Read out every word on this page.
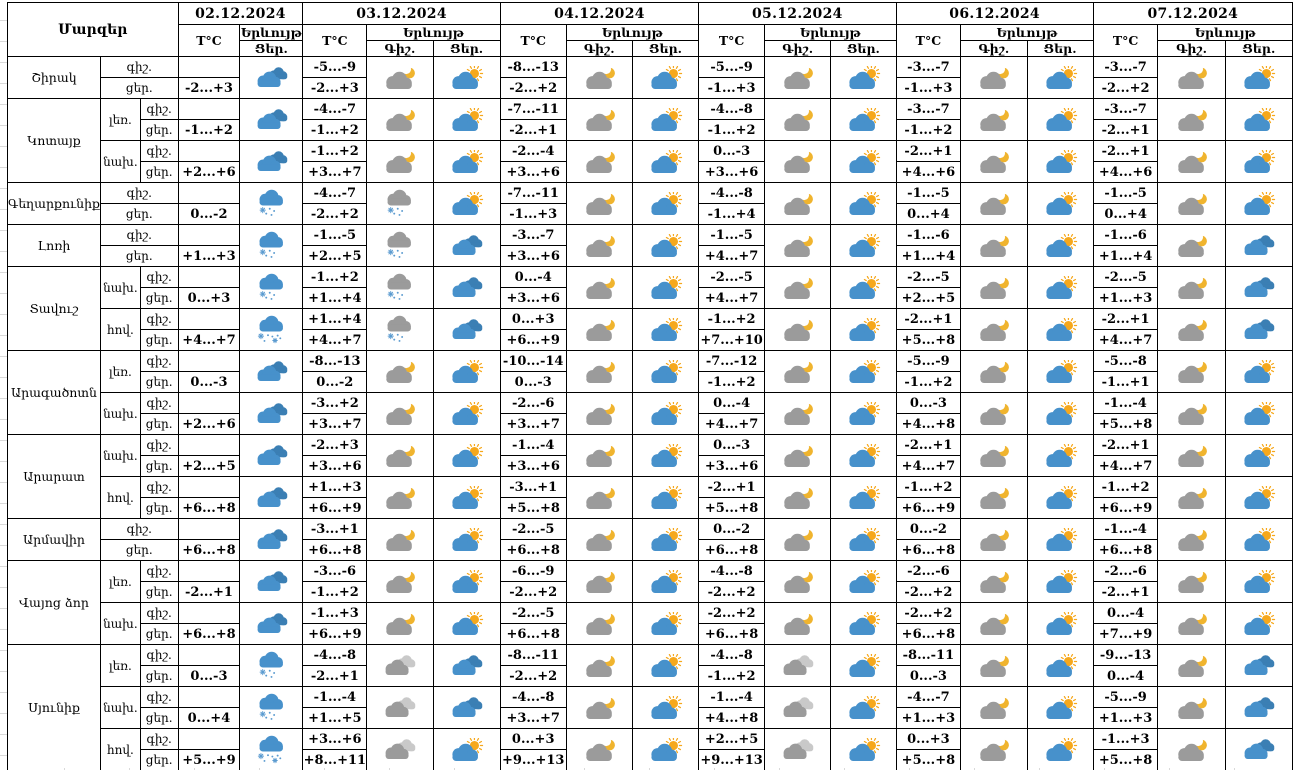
Մարզեր			02.12.2024		03.12.2024			04.12.2024			05.12.2024			06.12.2024			07.12.2024		
			T°C	Երևույթ	T°C	Երևույթ		T°C	Երևույթ		T°C	Երևույթ		T°C	Երևույթ		T°C	Երևույթ	
				Ցեր.		Գիշ.	Ցեր.		Գիշ.	Ցեր.		Գիշ.	Ցեր.		Գիշ.	Ցեր.		Գիշ.	Ցեր.
Շիրակ	գիշ.				-5...-9			-8...-13			-5...-9			-3...-7			-3...-7		
	ցեր.		-2...+3		-2...+3			-2...+2			-1...+3			-1...+3			-2...+2		
Կոտայք	լեռ.	գիշ.			-4...-7			-7...-11			-4...-8			-3...-7			-3...-7		
		ցեր.	-1...+2		-1...+2			-2...+1			-1...+2			-1...+2			-2...+1		
	նախ.	գիշ.			-1...+2			-2...-4			0...-3			-2...+1			-2...+1		
		ցեր.	+2...+6		+3...+7			+3...+6			+3...+6			+4...+6			+4...+6		
Գեղարքունիք	գիշ.				-4...-7			-7...-11			-4...-8			-1...-5			-1...-5		
	ցեր.		0...-2		-2...+2			-1...+3			-1...+4			0...+4			0...+4		
Լոռի	գիշ.				-1...-5			-3...-7			-1...-5			-1...-6			-1...-6		
	ցեր.		+1...+3		+2...+5			+3...+6			+4...+7			+1...+4			+1...+4		
Տավուշ	նախ.	գիշ.			-1...+2			0...-4			-2...-5			-2...-5			-2...-5		
		ցեր.	0...+3		+1...+4			+3...+6			+4...+7			+2...+5			+1...+3		
	հով.	գիշ.			+1...+4			0...+3			-1...+2			-2...+1			-2...+1		
		ցեր.	+4...+7		+4...+7			+6...+9			+7...+10			+5...+8			+4...+7		
Արագածոտն	լեռ.	գիշ.			-8...-13			-10...-14			-7...-12			-5...-9			-5...-8		
		ցեր.	0...-3		0...-2			0...-3			-1...+2			-1...+2			-1...+1		
	նախ.	գիշ.			-3...+2			-2...-6			0...-4			0...-3			-1...-4		
		ցեր.	+2...+6		+3...+7			+3...+7			+4...+7			+4...+8			+5...+8		
Արարատ	նախ.	գիշ.			-2...+3			-1...-4			0...-3			-2...+1			-2...+1		
		ցեր.	+2...+5		+3...+6			+3...+6			+3...+6			+4...+7			+4...+7		
	հով.	գիշ.			+1...+3			-3...+1			-2...+1			-1...+2			-1...+2		
		ցեր.	+6...+8		+6...+9			+5...+8			+5...+8			+6...+9			+6...+9		
Արմավիր	գիշ.				-3...+1			-2...-5			0...-2			0...-2			-1...-4		
	ցեր.		+6...+8		+6...+8			+6...+8			+6...+8			+6...+8			+6...+8		
Վայոց ձոր	լեռ.	գիշ.			-3...-6			-6...-9			-4...-8			-2...-6			-2...-6		
		ցեր.	-2...+1		-1...+2			-2...+2			-2...+2			-2...+2			-2...+1		
	նախ.	գիշ.			-1...+3			-2...-5			-2...+2			-2...+2			0...-4		
		ցեր.	+6...+8		+6...+9			+6...+8			+6...+8			+6...+8			+7...+9		
Սյունիք	լեռ.	գիշ.			-4...-8			-8...-11			-4...-8			-8...-11			-9...-13		
		ցեր.	0...-3		-2...+1			-2...+2			-1...+2			0...-3			0...-4		
	նախ.	գիշ.			-1...-4			-4...-8			-1...-4			-4...-7			-5...-9		
		ցեր.	0...+4		+1...+5			+3...+7			+4...+8			+1...+3			+1...+3		
	հով.	գիշ.			+3...+6			0...+3			+2...+5			0...+3			-1...+3		
		ցեր.	+5...+9		+8...+11			+9...+13			+9...+13			+5...+8			+5...+8		
